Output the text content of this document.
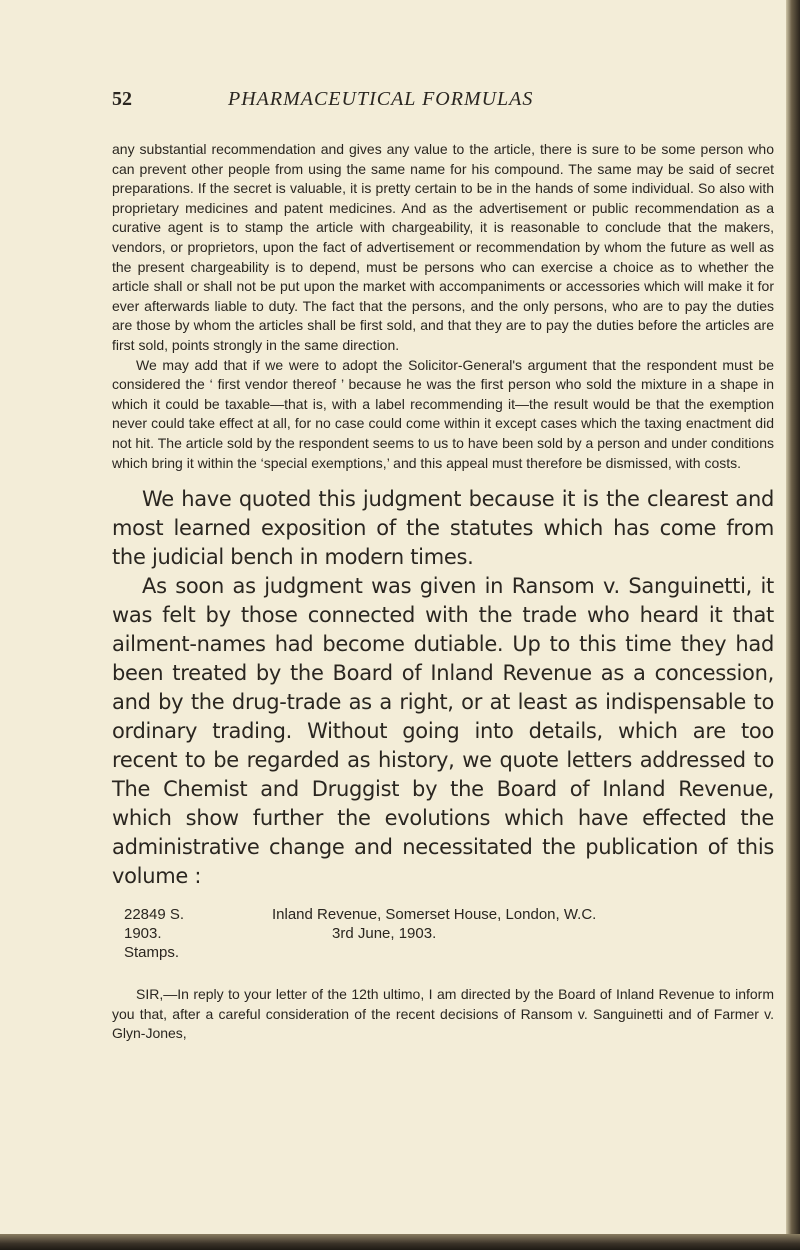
52	PHARMACEUTICAL FORMULAS

any substantial recommendation and gives any value to the article, there is sure to be some person who can prevent other people from using the same name for his compound. The same may be said of secret preparations. If the secret is valuable, it is pretty certain to be in the hands of some individual. So also with proprietary medicines and patent medicines. And as the advertisement or public recommendation as a curative agent is to stamp the article with chargeability, it is reasonable to conclude that the makers, vendors, or proprietors, upon the fact of advertisement or recommendation by whom the future as well as the present chargeability is to depend, must be persons who can exercise a choice as to whether the article shall or shall not be put upon the market with accompaniments or accessories which will make it for ever afterwards liable to duty. The fact that the persons, and the only persons, who are to pay the duties are those by whom the articles shall be first sold, and that they are to pay the duties before the articles are first sold, points strongly in the same direction.

We may add that if we were to adopt the Solicitor-General's argument that the respondent must be considered the ‘ first vendor thereof ’ because he was the first person who sold the mixture in a shape in which it could be taxable—that is, with a label recommending it—the result would be that the exemption never could take effect at all, for no case could come within it except cases which the taxing enactment did not hit. The article sold by the respondent seems to us to have been sold by a person and under conditions which bring it within the ‘special exemptions,’ and this appeal must therefore be dismissed, with costs.

We have quoted this judgment because it is the clearest and most learned exposition of the statutes which has come from the judicial bench in modern times.

As soon as judgment was given in Ransom v. Sanguinetti, it was felt by those connected with the trade who heard it that ailment-names had become dutiable. Up to this time they had been treated by the Board of Inland Revenue as a concession, and by the drug-trade as a right, or at least as indispensable to ordinary trading. Without going into details, which are too recent to be regarded as history, we quote letters addressed to The Chemist and Druggist by the Board of Inland Revenue, which show further the evolutions which have effected the administrative change and necessitated the publication of this volume :

22849 S.
1903.
Stamps.
Inland Revenue, Somerset House, London, W.C.
3rd June, 1903.
SIR,—In reply to your letter of the 12th ultimo, I am directed by the Board of Inland Revenue to inform you that, after a careful consideration of the recent decisions of Ransom v. Sanguinetti and of Farmer v. Glyn-Jones,
